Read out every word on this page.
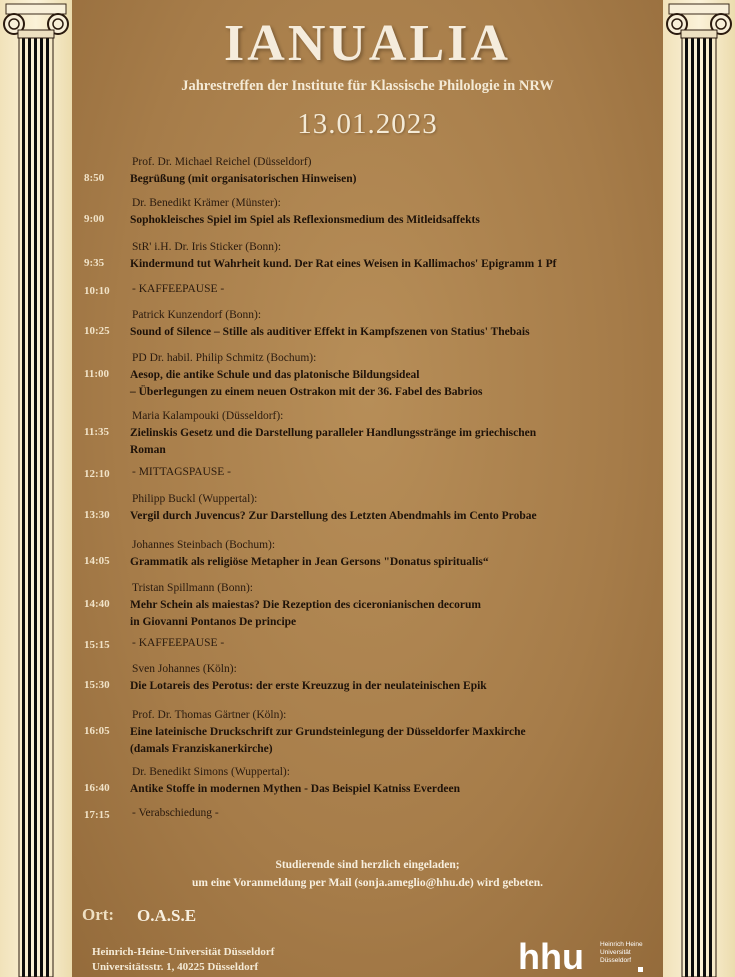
IANUALIA
Jahrestreffen der Institute für Klassische Philologie in NRW
13.01.2023
Prof. Dr. Michael Reichel (Düsseldorf)
Begrüßung (mit organisatorischen Hinweisen)
8:50
Dr. Benedikt Krämer (Münster):
Sophokleisches Spiel im Spiel als Reflexionsmedium des Mitleidsaffekts
9:00
StR' i.H. Dr. Iris Sticker (Bonn):
Kindermund tut Wahrheit kund. Der Rat eines Weisen in Kallimachos' Epigramm 1 Pf
9:35
- KAFFEEPAUSE -
10:10
Patrick Kunzendorf (Bonn):
Sound of Silence – Stille als auditiver Effekt in Kampfszenen von Statius' Thebais
10:25
PD Dr. habil. Philip Schmitz (Bochum):
Aesop, die antike Schule und das platonische Bildungsideal
– Überlegungen zu einem neuen Ostrakon mit der 36. Fabel des Babrios
11:00
Maria Kalampouki (Düsseldorf):
Zielinskis Gesetz und die Darstellung paralleler Handlungsstränge im griechischen
Roman
11:35
- MITTAGSPAUSE -
12:10
Philipp Buckl (Wuppertal):
Vergil durch Juvencus? Zur Darstellung des Letzten Abendmahls im Cento Probae
13:30
Johannes Steinbach (Bochum):
Grammatik als religiöse Metapher in Jean Gersons "Donatus spiritualis“
14:05
Tristan Spillmann (Bonn):
Mehr Schein als maiestas? Die Rezeption des ciceronianischen decorum
in Giovanni Pontanos De principe
14:40
- KAFFEEPAUSE -
15:15
Sven Johannes (Köln):
Die Lotareis des Perotus: der erste Kreuzzug in der neulateinischen Epik
15:30
Prof. Dr. Thomas Gärtner (Köln):
Eine lateinische Druckschrift zur Grundsteinlegung der Düsseldorfer Maxkirche
(damals Franziskanerkirche)
16:05
Dr. Benedikt Simons (Wuppertal):
Antike Stoffe in modernen Mythen - Das Beispiel Katniss Everdeen
16:40
- Verabschiedung -
17:15
Studierende sind herzlich eingeladen;
um eine Voranmeldung per Mail (sonja.ameglio@hhu.de) wird gebeten.
Ort: O.A.S.E
Heinrich-Heine-Universität Düsseldorf
Universitätsstr. 1, 40225 Düsseldorf	hhu Heinrich Heine
Universität
Düsseldorf
